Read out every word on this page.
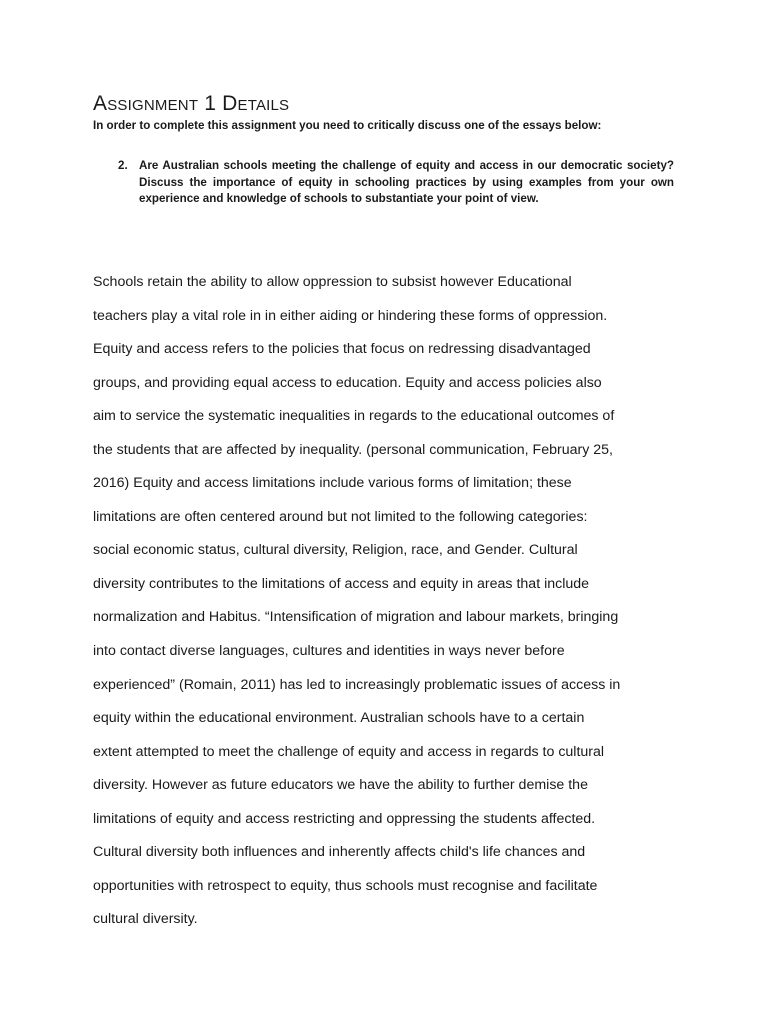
Assignment 1 Details

In order to complete this assignment you need to critically discuss one of the essays below:

2. Are Australian schools meeting the challenge of equity and access in our democratic society? Discuss the importance of equity in schooling practices by using examples from your own experience and knowledge of schools to substantiate your point of view.
Schools retain the ability to allow oppression to subsist however Educational
teachers play a vital role in in either aiding or hindering these forms of oppression.
Equity and access refers to the policies that focus on redressing disadvantaged
groups, and providing equal access to education. Equity and access policies also
aim to service the systematic inequalities in regards to the educational outcomes of
the students that are affected by inequality. (personal communication, February 25,
2016) Equity and access limitations include various forms of limitation; these
limitations are often centered around but not limited to the following categories:
social economic status, cultural diversity, Religion, race, and Gender. Cultural
diversity contributes to the limitations of access and equity in areas that include
normalization and Habitus. “Intensification of migration and labour markets, bringing
into contact diverse languages, cultures and identities in ways never before
experienced” (Romain, 2011) has led to increasingly problematic issues of access in
equity within the educational environment. Australian schools have to a certain
extent attempted to meet the challenge of equity and access in regards to cultural
diversity. However as future educators we have the ability to further demise the
limitations of equity and access restricting and oppressing the students affected.
Cultural diversity both influences and inherently affects child's life chances and
opportunities with retrospect to equity, thus schools must recognise and facilitate
cultural diversity.
